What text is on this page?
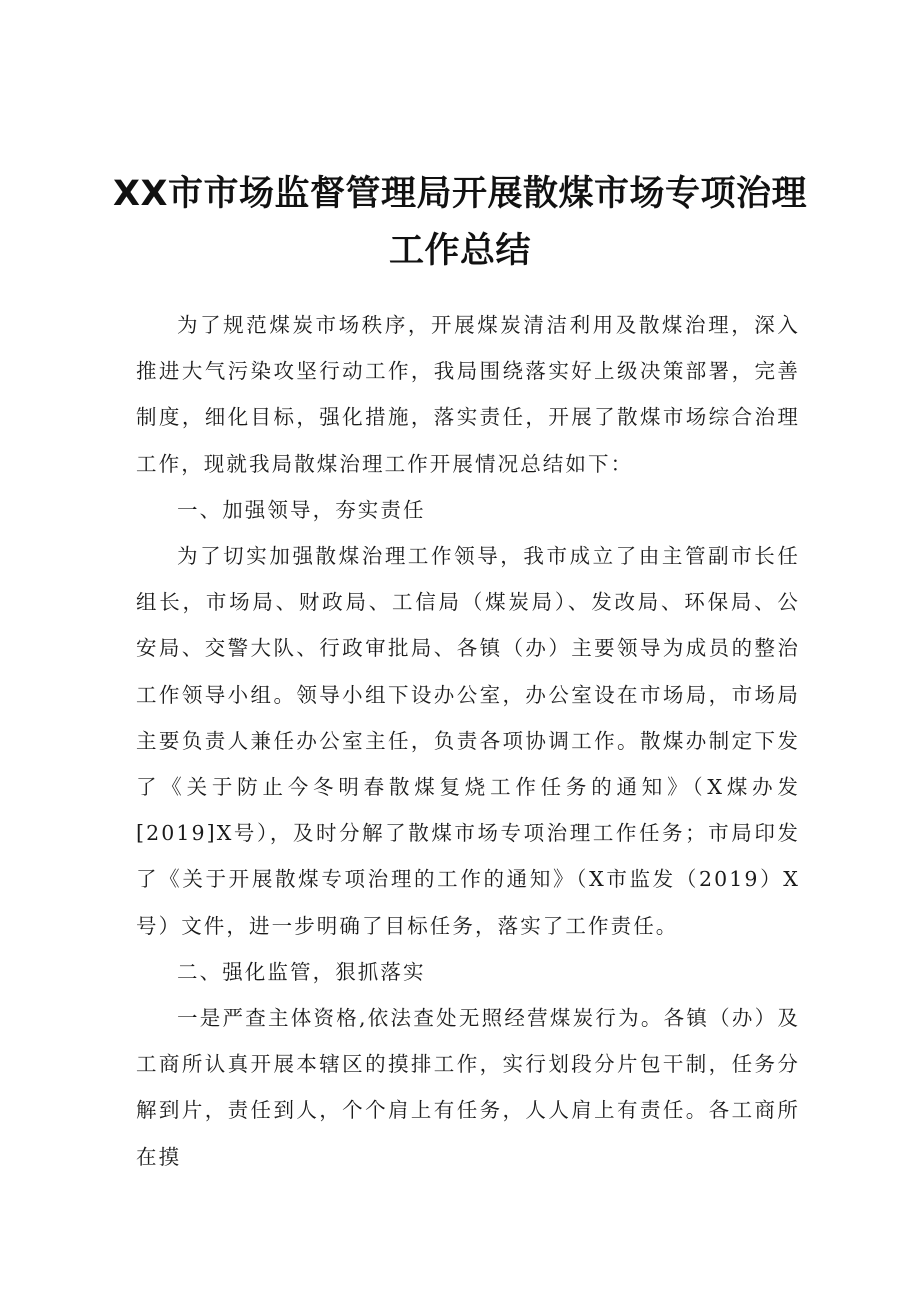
XX市市场监督管理局开展散煤市场专项治理
工作总结

为了规范煤炭市场秩序，开展煤炭清洁利用及散煤治理，深入推进大气污染攻坚行动工作，我局围绕落实好上级决策部署，完善制度，细化目标，强化措施，落实责任，开展了散煤市场综合治理工作，现就我局散煤治理工作开展情况总结如下：

一、加强领导，夯实责任

为了切实加强散煤治理工作领导，我市成立了由主管副市长任组长，市场局、财政局、工信局（煤炭局）、发改局、环保局、公安局、交警大队、行政审批局、各镇（办）主要领导为成员的整治工作领导小组。领导小组下设办公室，办公室设在市场局，市场局主要负责人兼任办公室主任，负责各项协调工作。散煤办制定下发了《关于防止今冬明春散煤复烧工作任务的通知》（X煤办发[2019]X号），及时分解了散煤市场专项治理工作任务；市局印发了《关于开展散煤专项治理的工作的通知》（X市监发（2019）X号）文件，进一步明确了目标任务，落实了工作责任。

二、强化监管，狠抓落实

一是严查主体资格,依法查处无照经营煤炭行为。各镇（办）及工商所认真开展本辖区的摸排工作，实行划段分片包干制，任务分解到片，责任到人，个个肩上有任务，人人肩上有责任。各工商所在摸
